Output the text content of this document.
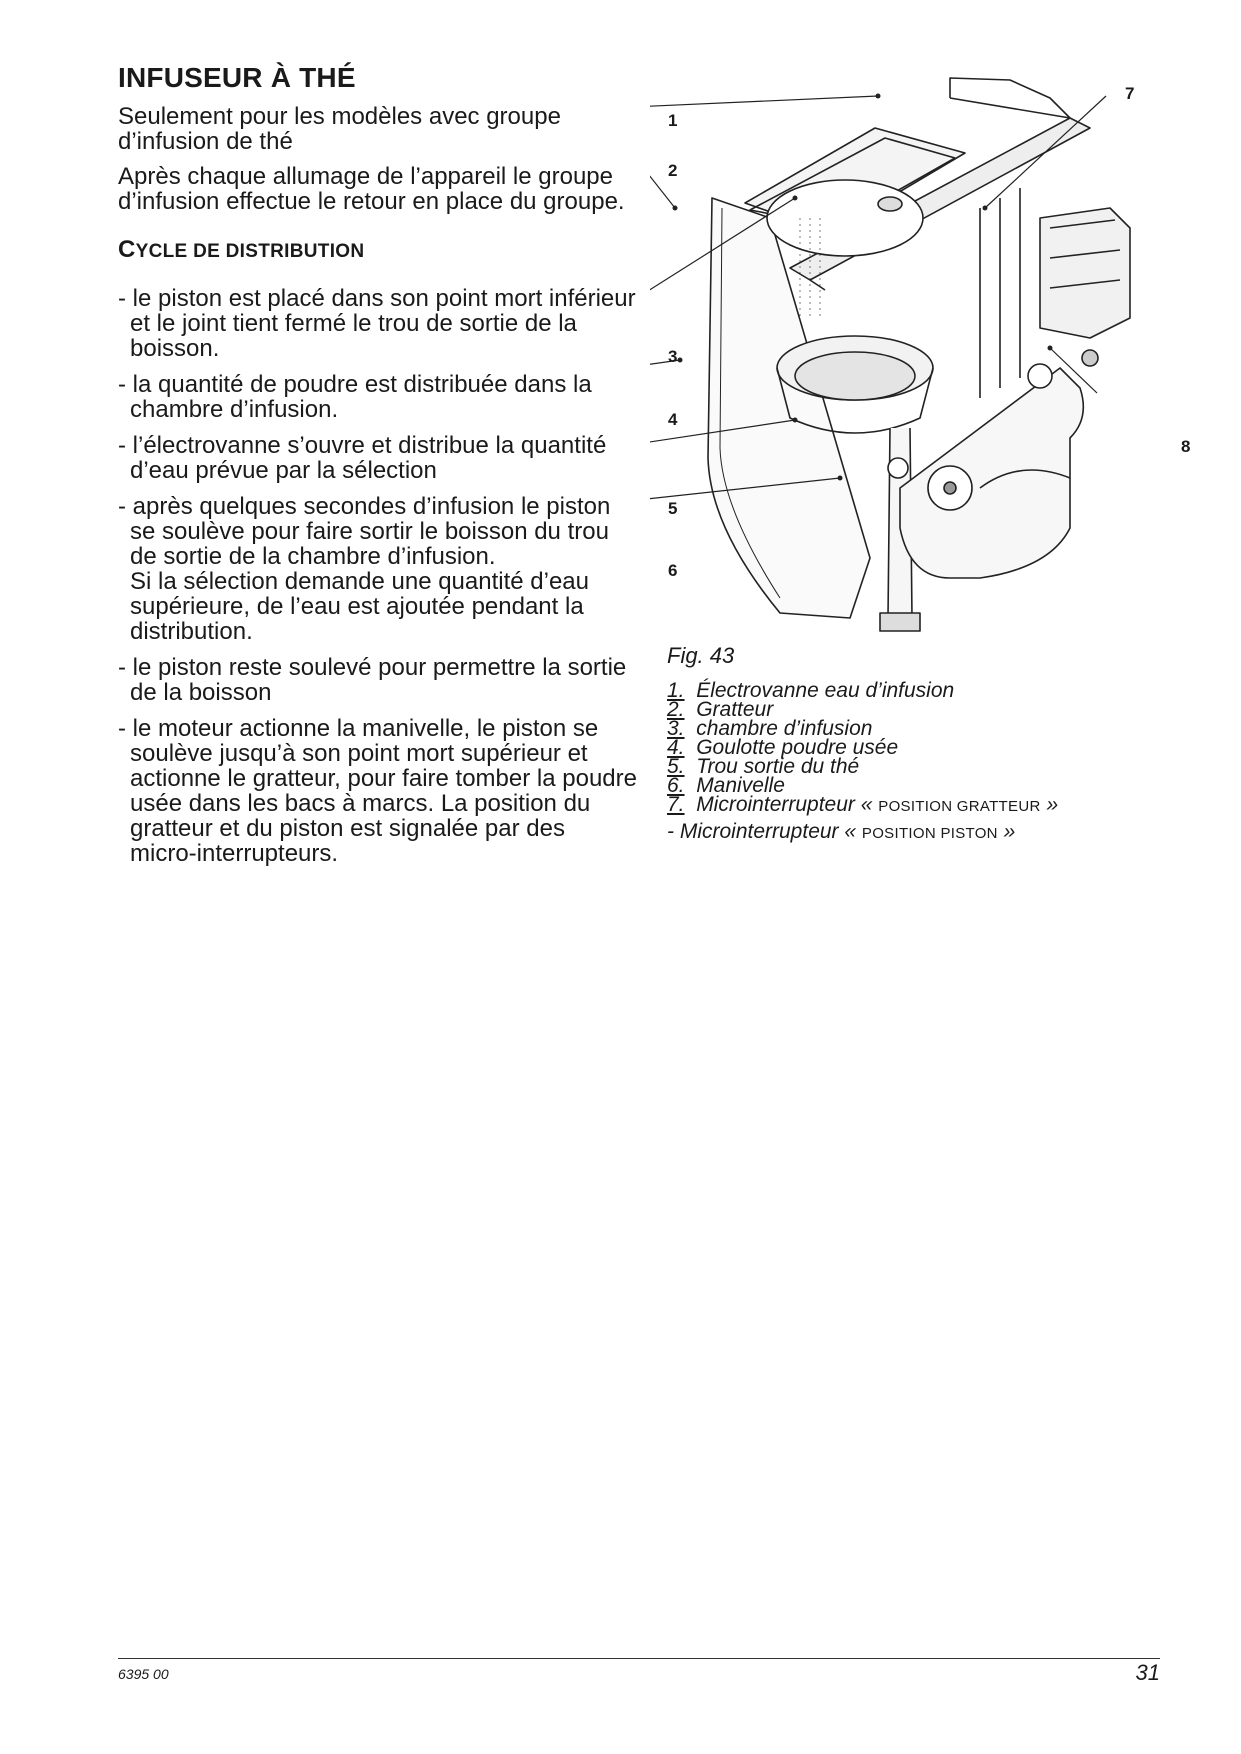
INFUSEUR À THÉ

Seulement pour les modèles avec groupe d’infusion de thé

Après chaque allumage de l’appareil le groupe d’infusion effectue le retour en place du groupe.

CYCLE DE DISTRIBUTION
- le piston est placé dans son point mort inférieur et le joint tient fermé le trou de sortie de la boisson.
- la quantité de poudre est distribuée dans la chambre d’infusion.
- l’électrovanne s’ouvre et distribue la quantité d’eau prévue par la sélection
- après quelques secondes d’infusion le piston se soulève pour faire sortir le boisson du trou de sortie de la chambre d’infusion.
Si la sélection demande une quantité d’eau supérieure, de l’eau est ajoutée pendant la distribution.
- le piston reste soulevé pour permettre la sortie de la boisson
- le moteur actionne la manivelle, le piston se soulève jusqu’à son point mort supérieur et actionne le gratteur, pour faire tomber la poudre usée dans les bacs à marcs. La position du gratteur et du piston est signalée par des micro-interrupteurs.
1
2
3
4
5
6
7
8
Fig. 43
1. Électrovanne eau d’infusion
2. Gratteur
3. chambre d’infusion
4. Goulotte poudre usée
5. Trou sortie du thé
6. Manivelle
7. Microinterrupteur « POSITION GRATTEUR »
- Microinterrupteur « POSITION PISTON »
6395 00	31
